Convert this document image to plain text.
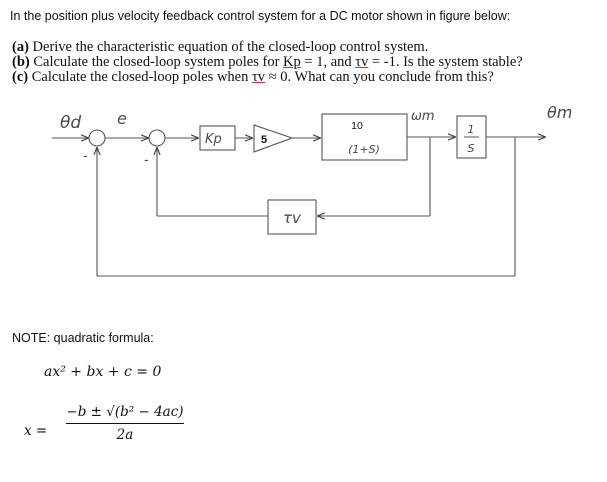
In the position plus velocity feedback control system for a DC motor shown in figure below:
(a) Derive the characteristic equation of the closed-loop control system.
(b) Calculate the closed-loop system poles for Kp = 1, and τv = -1. Is the system stable?
(c) Calculate the closed-loop poles when τv ≈ 0. What can you conclude from this?
θd e	ωm	θm
-	-
Kp	5
10
(1+S)
1
S
τv
NOTE: quadratic formula:
ax² + bx + c = 0
$x = \frac{\text{−b ± √(b² − 4ac)}}{2a}$
